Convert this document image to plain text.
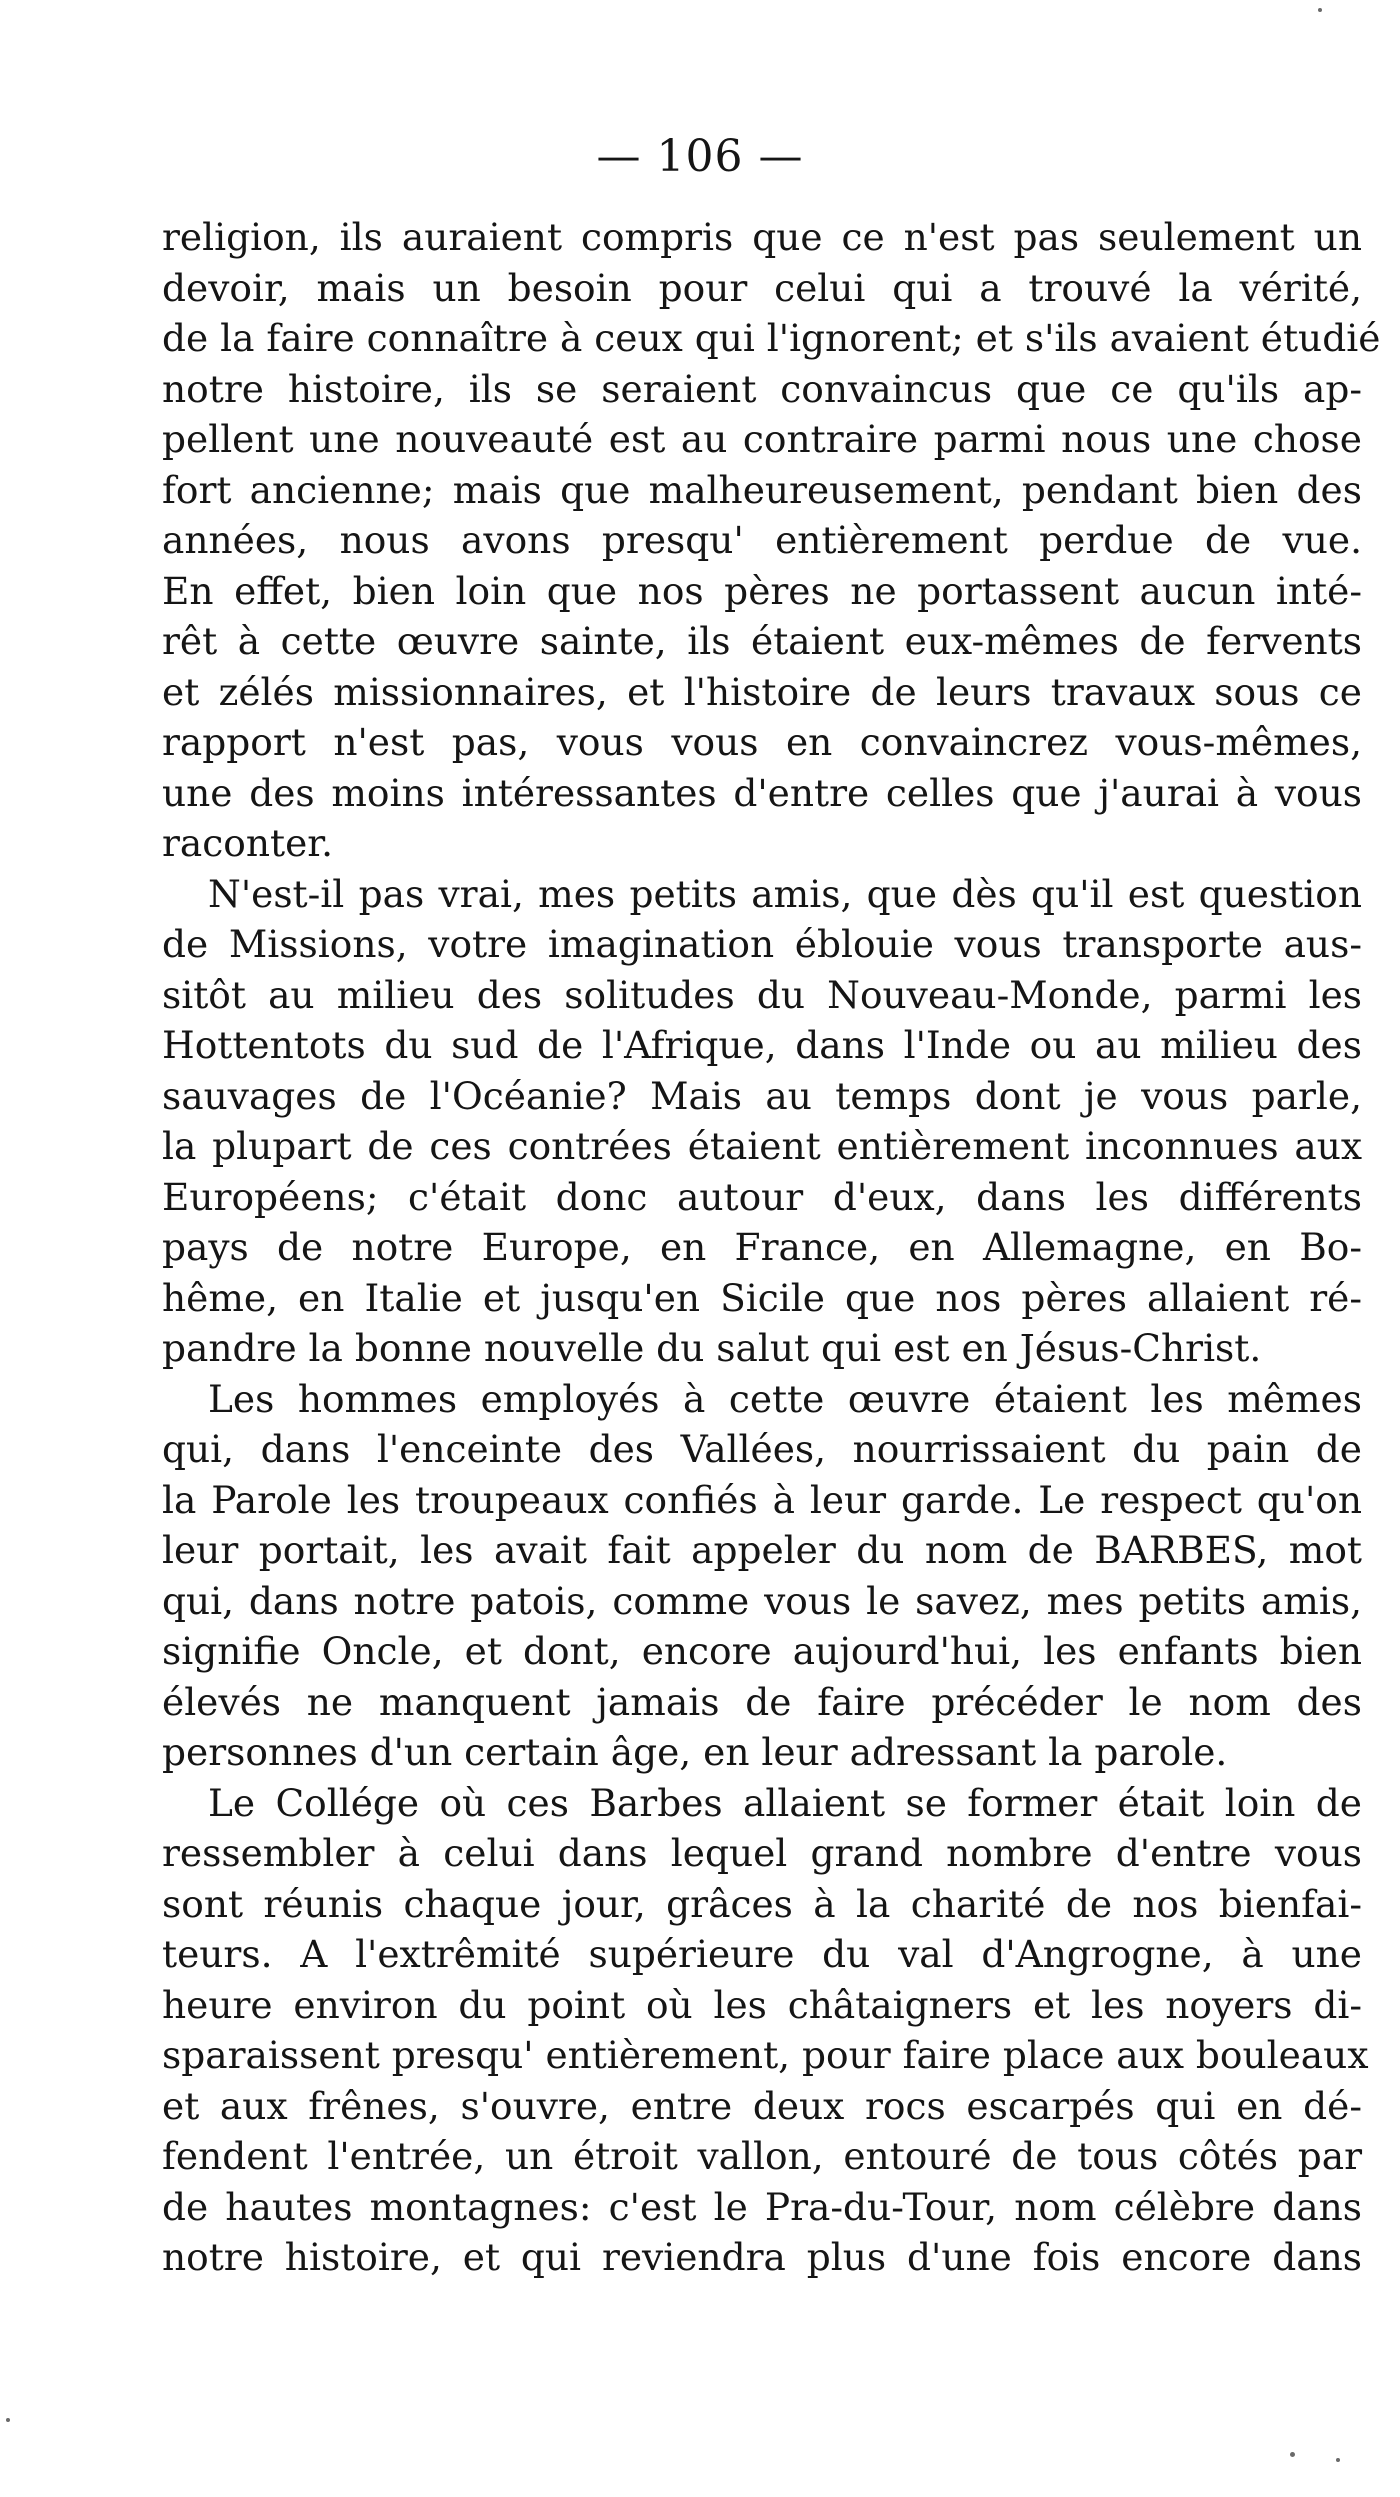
— 106 —
religion, ils auraient compris que ce n'est pas seulement un
devoir, mais un besoin pour celui qui a trouvé la vérité,
de la faire connaître à ceux qui l'ignorent; et s'ils avaient étudié
notre histoire, ils se seraient convaincus que ce qu'ils ap-
pellent une nouveauté est au contraire parmi nous une chose
fort ancienne; mais que malheureusement, pendant bien des
années, nous avons presqu' entièrement perdue de vue.
En effet, bien loin que nos pères ne portassent aucun inté-
rêt à cette œuvre sainte, ils étaient eux-mêmes de fervents
et zélés missionnaires, et l'histoire de leurs travaux sous ce
rapport n'est pas, vous vous en convaincrez vous-mêmes,
une des moins intéressantes d'entre celles que j'aurai à vous
raconter.
N'est-il pas vrai, mes petits amis, que dès qu'il est question
de Missions, votre imagination éblouie vous transporte aus-
sitôt au milieu des solitudes du Nouveau-Monde, parmi les
Hottentots du sud de l'Afrique, dans l'Inde ou au milieu des
sauvages de l'Océanie? Mais au temps dont je vous parle,
la plupart de ces contrées étaient entièrement inconnues aux
Européens; c'était donc autour d'eux, dans les différents
pays de notre Europe, en France, en Allemagne, en Bo-
hême, en Italie et jusqu'en Sicile que nos pères allaient ré-
pandre la bonne nouvelle du salut qui est en Jésus-Christ.
Les hommes employés à cette œuvre étaient les mêmes
qui, dans l'enceinte des Vallées, nourrissaient du pain de
la Parole les troupeaux confiés à leur garde. Le respect qu'on
leur portait, les avait fait appeler du nom de BARBES, mot
qui, dans notre patois, comme vous le savez, mes petits amis,
signifie Oncle, et dont, encore aujourd'hui, les enfants bien
élevés ne manquent jamais de faire précéder le nom des
personnes d'un certain âge, en leur adressant la parole.
Le Collége où ces Barbes allaient se former était loin de
ressembler à celui dans lequel grand nombre d'entre vous
sont réunis chaque jour, grâces à la charité de nos bienfai-
teurs. A l'extrêmité supérieure du val d'Angrogne, à une
heure environ du point où les châtaigners et les noyers di-
sparaissent presqu' entièrement, pour faire place aux bouleaux
et aux frênes, s'ouvre, entre deux rocs escarpés qui en dé-
fendent l'entrée, un étroit vallon, entouré de tous côtés par
de hautes montagnes: c'est le Pra-du-Tour, nom célèbre dans
notre histoire, et qui reviendra plus d'une fois encore dans
